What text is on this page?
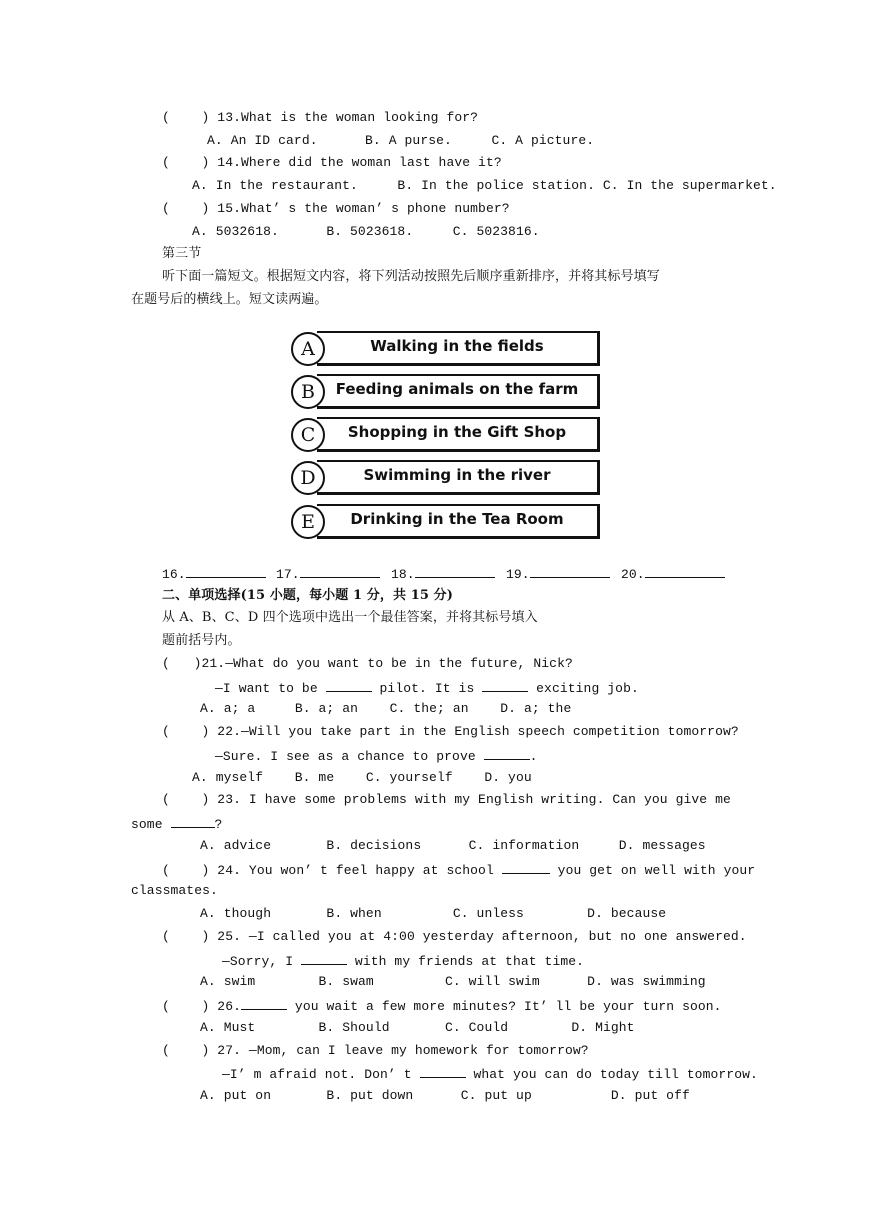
(    ) 13.What is the woman looking for?
A. An ID card.      B. A purse.     C. A picture.
(    ) 14.Where did the woman last have it?
A. In the restaurant.     B. In the police station. C. In the supermarket.
(    ) 15.What’ s the woman’ s phone number?
A. 5032618.      B. 5023618.     C. 5023816.
第三节
听下面一篇短文。根据短文内容，将下列活动按照先后顺序重新排序，并将其标号填写
在题号后的横线上。短文读两遍。
A	Walking in the fields
B	Feeding animals on the farm
C	Shopping in the Gift Shop
D	Swimming in the river
E	Drinking in the Tea Room
16.	17.	18.	19.	20.
二、单项选择(15 小题，每小题 1 分，共 15 分)
从 A、B、C、D 四个选项中选出一个最佳答案，并将其标号填入
题前括号内。
(   )21.—What do you want to be in the future, Nick?
—I want to be	pilot. It is	exciting job.
A. a; a     B. a; an    C. the; an    D. a; the
(    ) 22.—Will you take part in the English speech competition tomorrow?
—Sure. I see as a chance to prove	.
A. myself    B. me    C. yourself    D. you
(    ) 23. I have some problems with my English writing. Can you give me
some	?
A. advice       B. decisions      C. information     D. messages
(    ) 24. You won’ t feel happy at school	you get on well with your
classmates.
A. though       B. when         C. unless        D. because
(    ) 25. —I called you at 4:00 yesterday afternoon, but no one answered.
—Sorry, I	with my friends at that time.
A. swim        B. swam         C. will swim      D. was swimming
(    ) 26.	you wait a few more minutes? It’ ll be your turn soon.
A. Must        B. Should       C. Could        D. Might
(    ) 27. —Mom, can I leave my homework for tomorrow?
—I’ m afraid not. Don’ t	what you can do today till tomorrow.
A. put on       B. put down      C. put up          D. put off
